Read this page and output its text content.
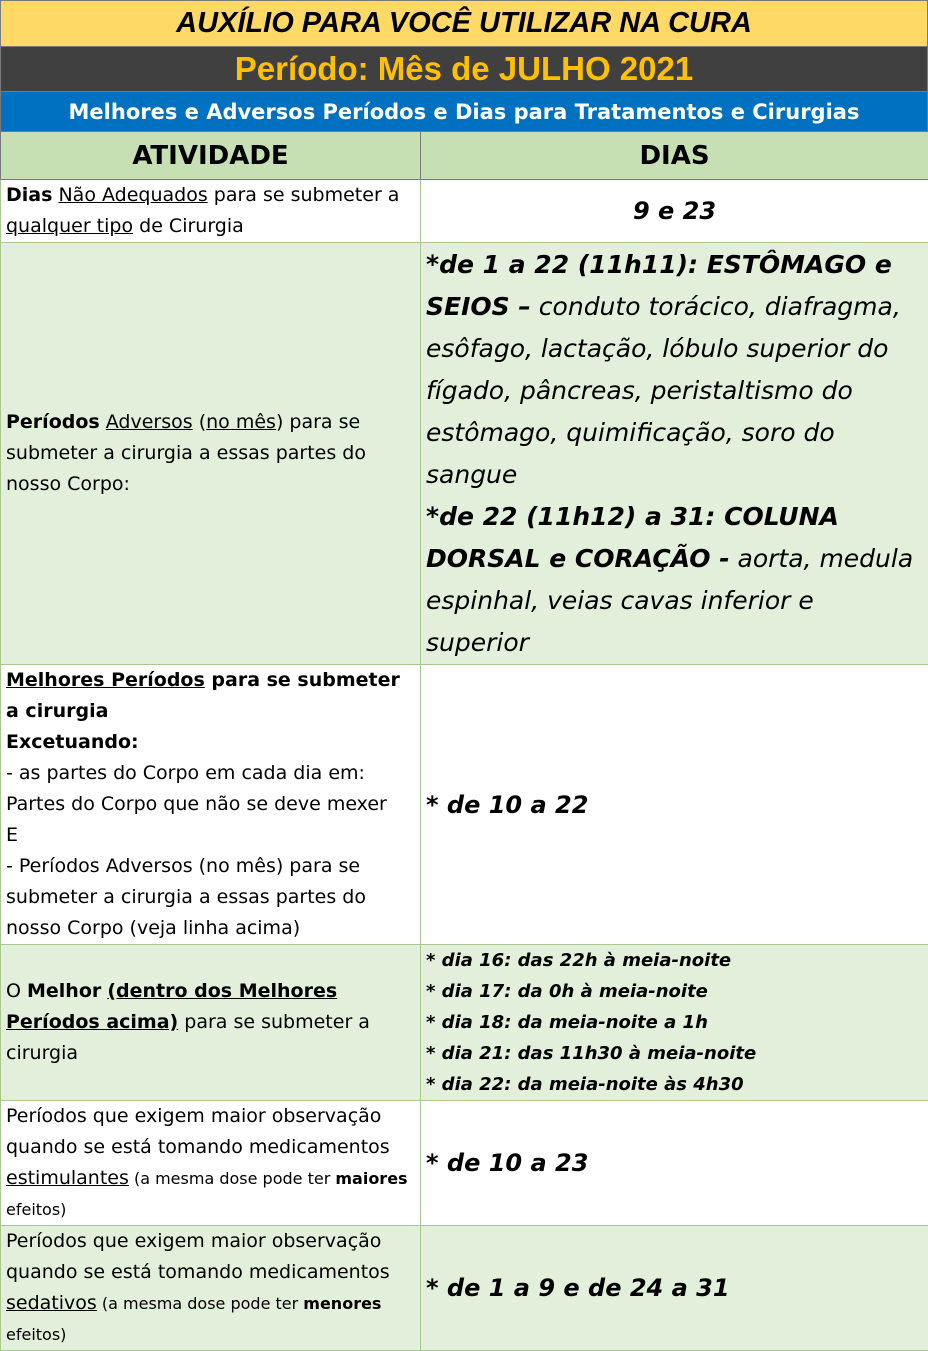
AUXÍLIO PARA VOCÊ UTILIZAR NA CURA
Período: Mês de JULHO 2021
Melhores e Adversos Períodos e Dias para Tratamentos e Cirurgias
ATIVIDADE	DIAS
Dias Não Adequados para se submeter a qualquer tipo de Cirurgia	9 e 23
Períodos Adversos (no mês) para se submeter a cirurgia a essas partes do nosso Corpo:	*de 1 a 22 (11h11): ESTÔMAGO e SEIOS – conduto torácico, diafragma, esôfago, lactação, lóbulo superior do fígado, pâncreas, peristaltismo do estômago, quimificação, soro do sangue
*de 22 (11h12) a 31: COLUNA DORSAL e CORAÇÃO - aorta, medula espinhal, veias cavas inferior e superior
Melhores Períodos para se submeter a cirurgia
Excetuando:
- as partes do Corpo em cada dia em: Partes do Corpo que não se deve mexer
E
- Períodos Adversos (no mês) para se submeter a cirurgia a essas partes do nosso Corpo (veja linha acima)	* de 10 a 22
O Melhor (dentro dos Melhores Períodos acima) para se submeter a cirurgia	* dia 16: das 22h à meia-noite
* dia 17: da 0h à meia-noite
* dia 18: da meia-noite a 1h
* dia 21: das 11h30 à meia-noite
* dia 22: da meia-noite às 4h30

Períodos que exigem maior observação quando se está tomando medicamentos estimulantes (a mesma dose pode ter maiores efeitos)	* de 10 a 23
Períodos que exigem maior observação quando se está tomando medicamentos sedativos (a mesma dose pode ter menores efeitos)	* de 1 a 9 e de 24 a 31
